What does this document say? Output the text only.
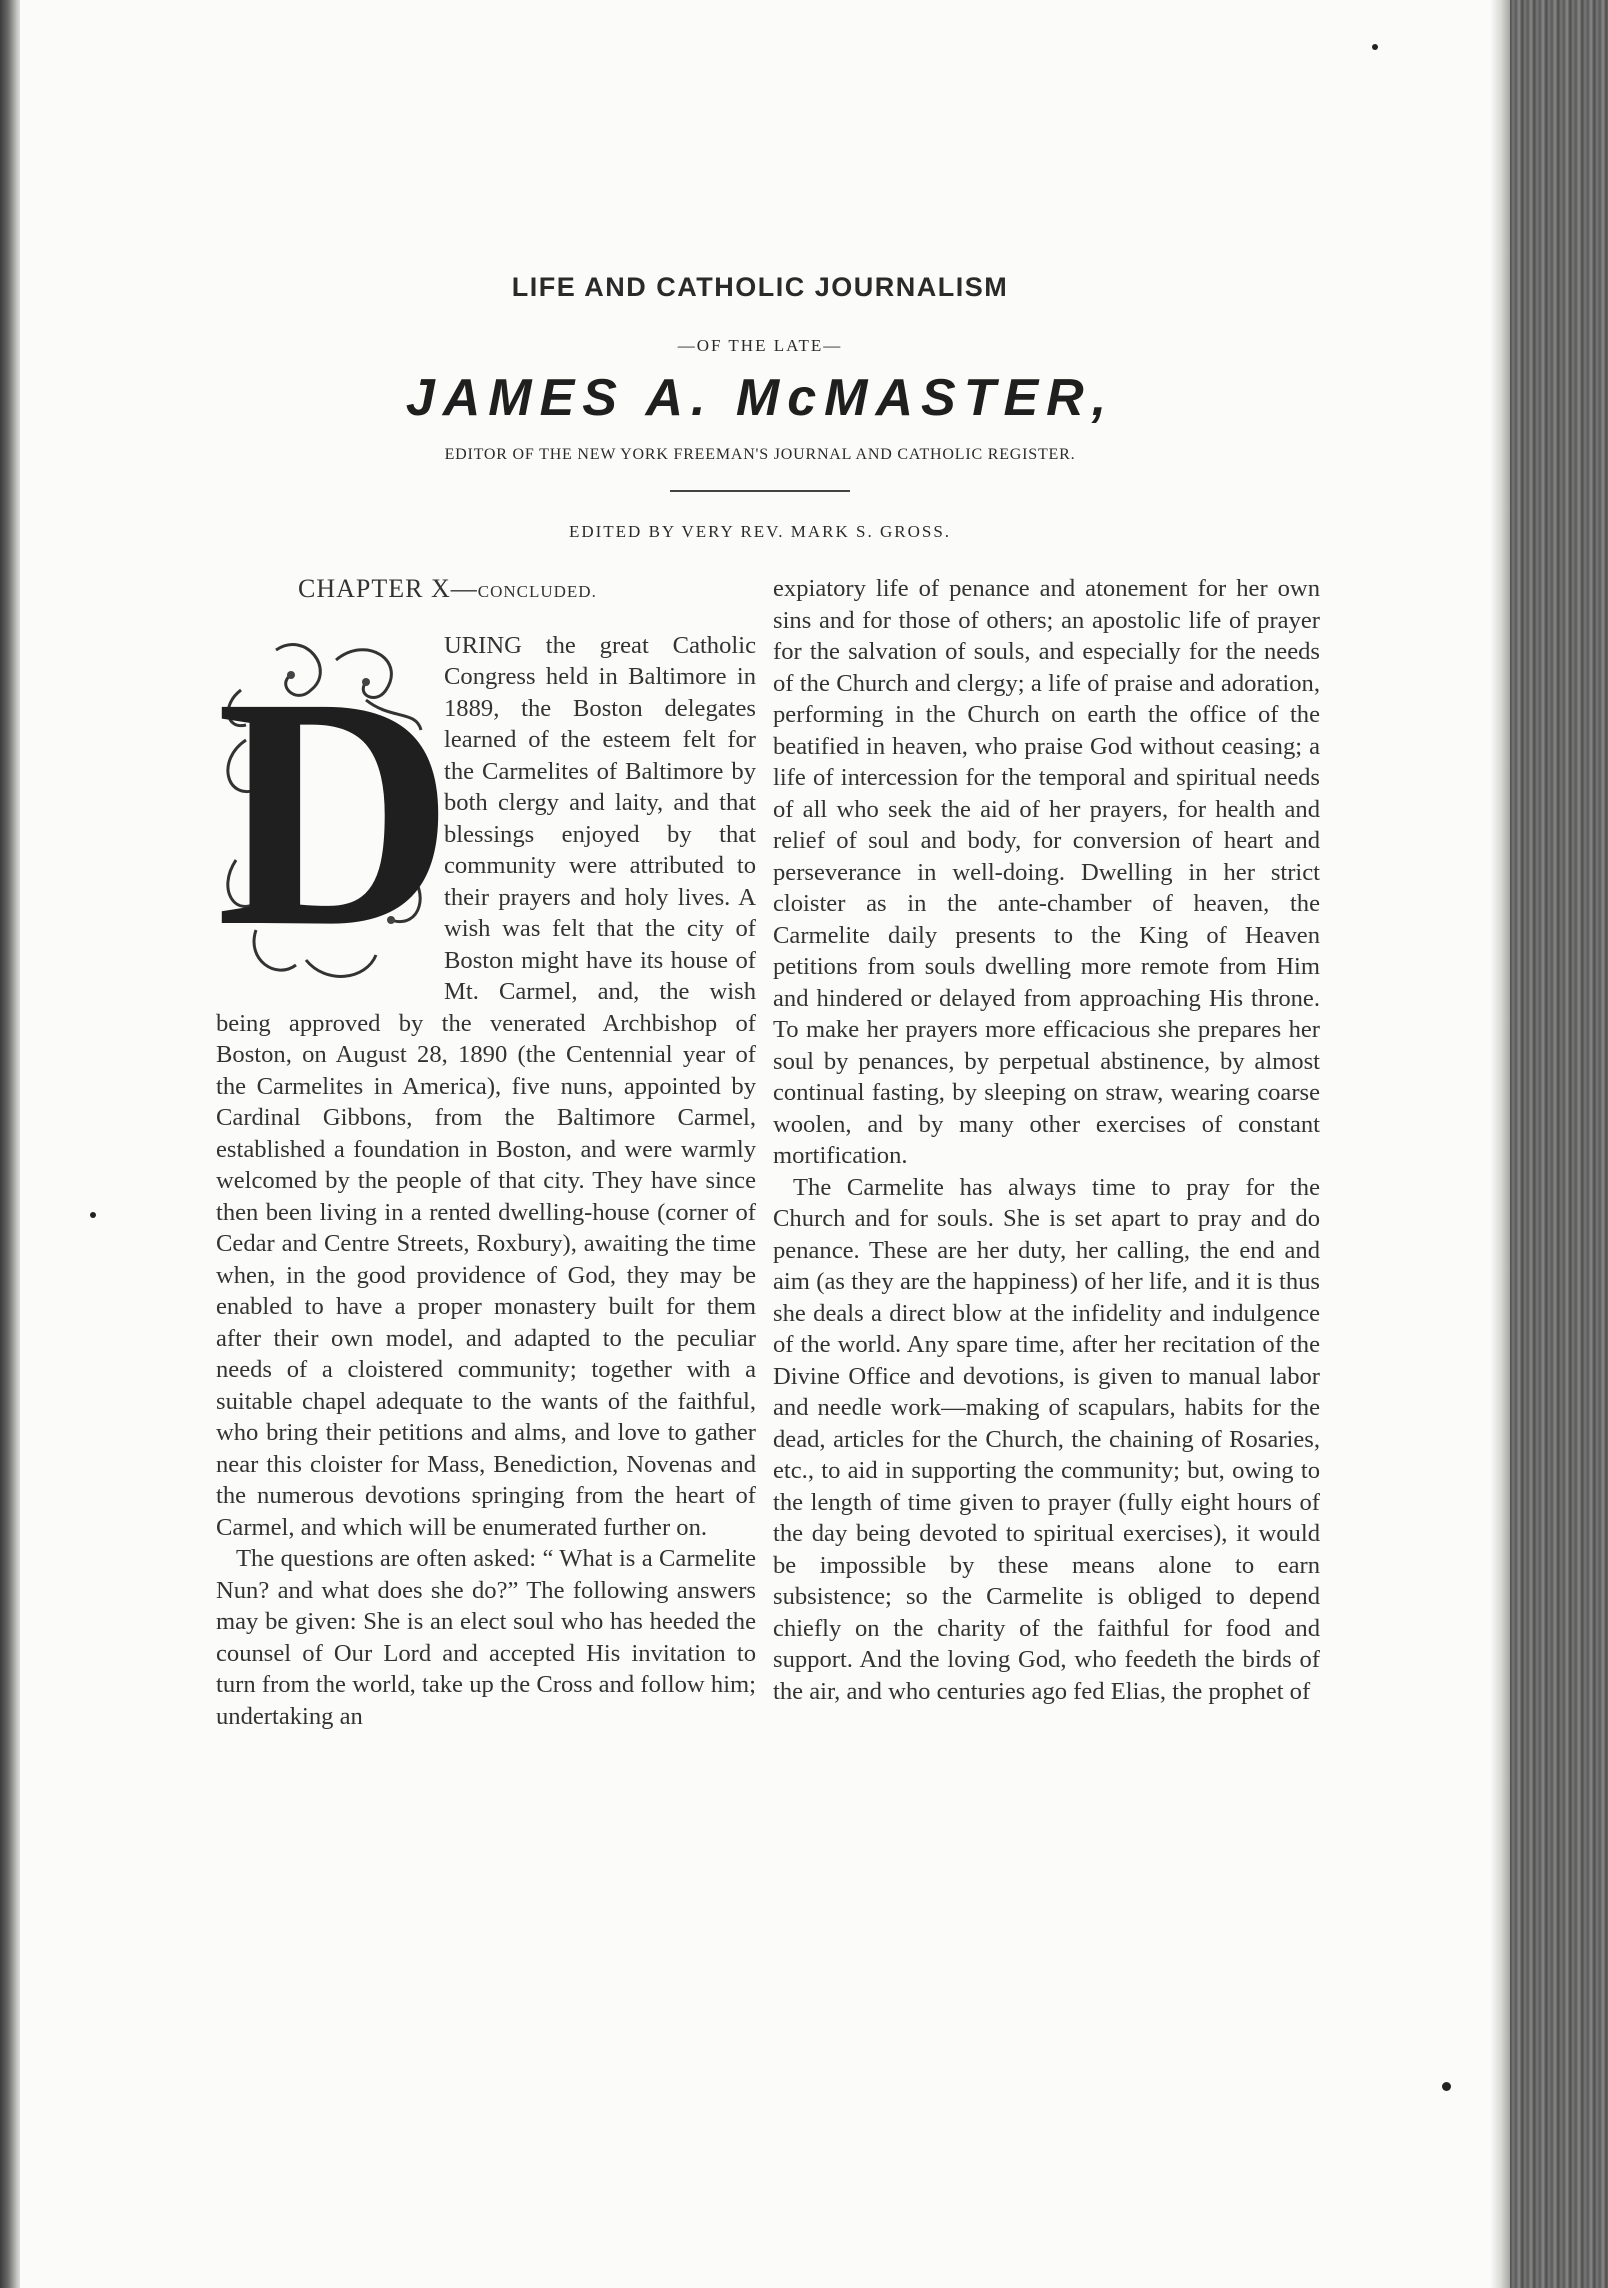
LIFE AND CATHOLIC JOURNALISM
—OF THE LATE—
JAMES A. McMASTER,
EDITOR OF THE NEW YORK FREEMAN'S JOURNAL AND CATHOLIC REGISTER.
EDITED BY VERY REV. MARK S. GROSS.
CHAPTER X—CONCLUDED.

D
URING the great Catholic Congress held in Baltimore in 1889, the Boston delegates learned of the esteem felt for the Carmelites of Baltimore by both clergy and laity, and that blessings enjoyed by that community were attributed to their prayers and holy lives. A wish was felt that the city of Boston might have its house of Mt. Carmel, and, the wish being approved by the venerated Archbishop of Boston, on August 28, 1890 (the Centennial year of the Carmelites in America), five nuns, appointed by Cardinal Gibbons, from the Baltimore Carmel, established a foundation in Boston, and were warmly welcomed by the people of that city. They have since then been living in a rented dwelling-house (corner of Cedar and Centre Streets, Roxbury), awaiting the time when, in the good providence of God, they may be enabled to have a proper monastery built for them after their own model, and adapted to the peculiar needs of a cloistered community; together with a suitable chapel adequate to the wants of the faithful, who bring their petitions and alms, and love to gather near this cloister for Mass, Benediction, Novenas and the numerous devotions springing from the heart of Carmel, and which will be enumerated further on.

The questions are often asked: “ What is a Carmelite Nun? and what does she do?” The following answers may be given: She is an elect soul who has heeded the counsel of Our Lord and accepted His invitation to turn from the world, take up the Cross and follow him; undertaking an

expiatory life of penance and atonement for her own sins and for those of others; an apostolic life of prayer for the salvation of souls, and especially for the needs of the Church and clergy; a life of praise and adoration, performing in the Church on earth the office of the beatified in heaven, who praise God without ceasing; a life of intercession for the temporal and spiritual needs of all who seek the aid of her prayers, for health and relief of soul and body, for conversion of heart and perseverance in well-doing. Dwelling in her strict cloister as in the ante-chamber of heaven, the Carmelite daily presents to the King of Heaven petitions from souls dwelling more remote from Him and hindered or delayed from approaching His throne. To make her prayers more efficacious she prepares her soul by penances, by perpetual abstinence, by almost continual fasting, by sleeping on straw, wearing coarse woolen, and by many other exercises of constant mortification.

The Carmelite has always time to pray for the Church and for souls. She is set apart to pray and do penance. These are her duty, her calling, the end and aim (as they are the happiness) of her life, and it is thus she deals a direct blow at the infidelity and indulgence of the world. Any spare time, after her recitation of the Divine Office and devotions, is given to manual labor and needle work—making of scapulars, habits for the dead, articles for the Church, the chaining of Rosaries, etc., to aid in supporting the community; but, owing to the length of time given to prayer (fully eight hours of the day being devoted to spiritual exercises), it would be impossible by these means alone to earn subsistence; so the Carmelite is obliged to depend chiefly on the charity of the faithful for food and support. And the loving God, who feedeth the birds of the air, and who centuries ago fed Elias, the prophet of
